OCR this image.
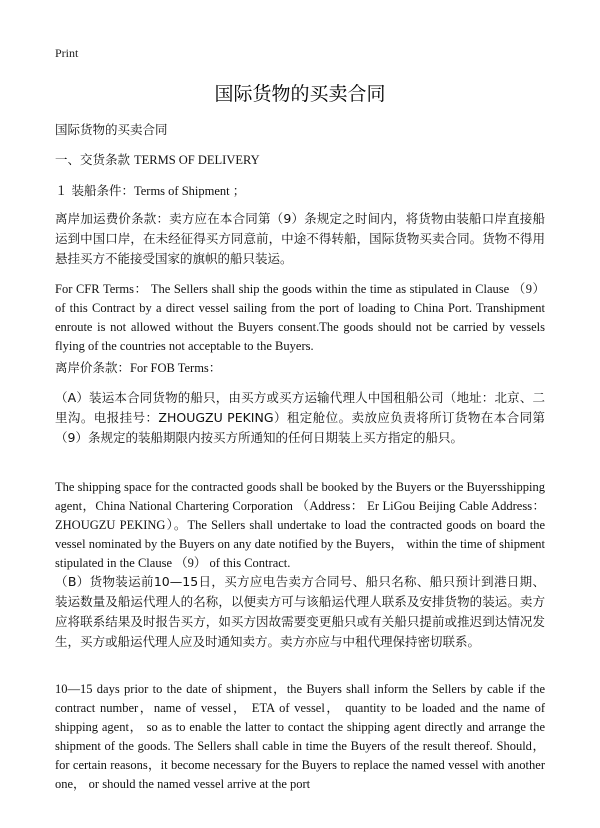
Print
国际货物的买卖合同
国际货物的买卖合同
一、交货条款 TERMS OF DELIVERY
１ 装船条件：Terms of Shipment ；
离岸加运费价条款：卖方应在本合同第（9）条规定之时间内，将货物由装船口岸直接船运到中国口岸，在未经征得买方同意前，中途不得转船，国际货物买卖合同。货物不得用悬挂买方不能接受国家的旗帜的船只装运。
For CFR Terms： The Sellers shall ship the goods within the time as stipulated in Clause （9） of this Contract by a direct vessel sailing from the port of loading to China Port. Transhipment enroute is not allowed without the Buyers consent.The goods should not be carried by vessels flying of the countries not acceptable to the Buyers.
离岸价条款：For FOB Terms：
（A）装运本合同货物的船只，由买方或买方运输代理人中国租船公司（地址：北京、二里沟。电报挂号：ZHOUGZU PEKING）租定舱位。卖放应负责将所订货物在本合同第（9）条规定的装船期限内按买方所通知的任何日期装上买方指定的船只。
The shipping space for the contracted goods shall be booked by the Buyers or the Buyersshipping agent，China National Chartering Corporation （Address： Er LiGou Beijing Cable Address：ZHOUGZU PEKING）。The Sellers shall undertake to load the contracted goods on board the vessel nominated by the Buyers on any date notified by the Buyers， within the time of shipment stipulated in the Clause （9） of this Contract.
（B）货物装运前10—15日，买方应电告卖方合同号、船只名称、船只预计到港日期、装运数量及船运代理人的名称，以便卖方可与该船运代理人联系及安排货物的装运。卖方应将联系结果及时报告买方，如买方因故需要变更船只或有关船只提前或推迟到达情况发生，买方或船运代理人应及时通知卖方。卖方亦应与中租代理保持密切联系。
10—15 days prior to the date of shipment，the Buyers shall inform the Sellers by cable if the contract number，name of vessel， ETA of vessel， quantity to be loaded and the name of shipping agent， so as to enable the latter to contact the shipping agent directly and arrange the shipment of the goods. The Sellers shall cable in time the Buyers of the result thereof. Should，for certain reasons，it become necessary for the Buyers to replace the named vessel with another one， or should the named vessel arrive at the port
